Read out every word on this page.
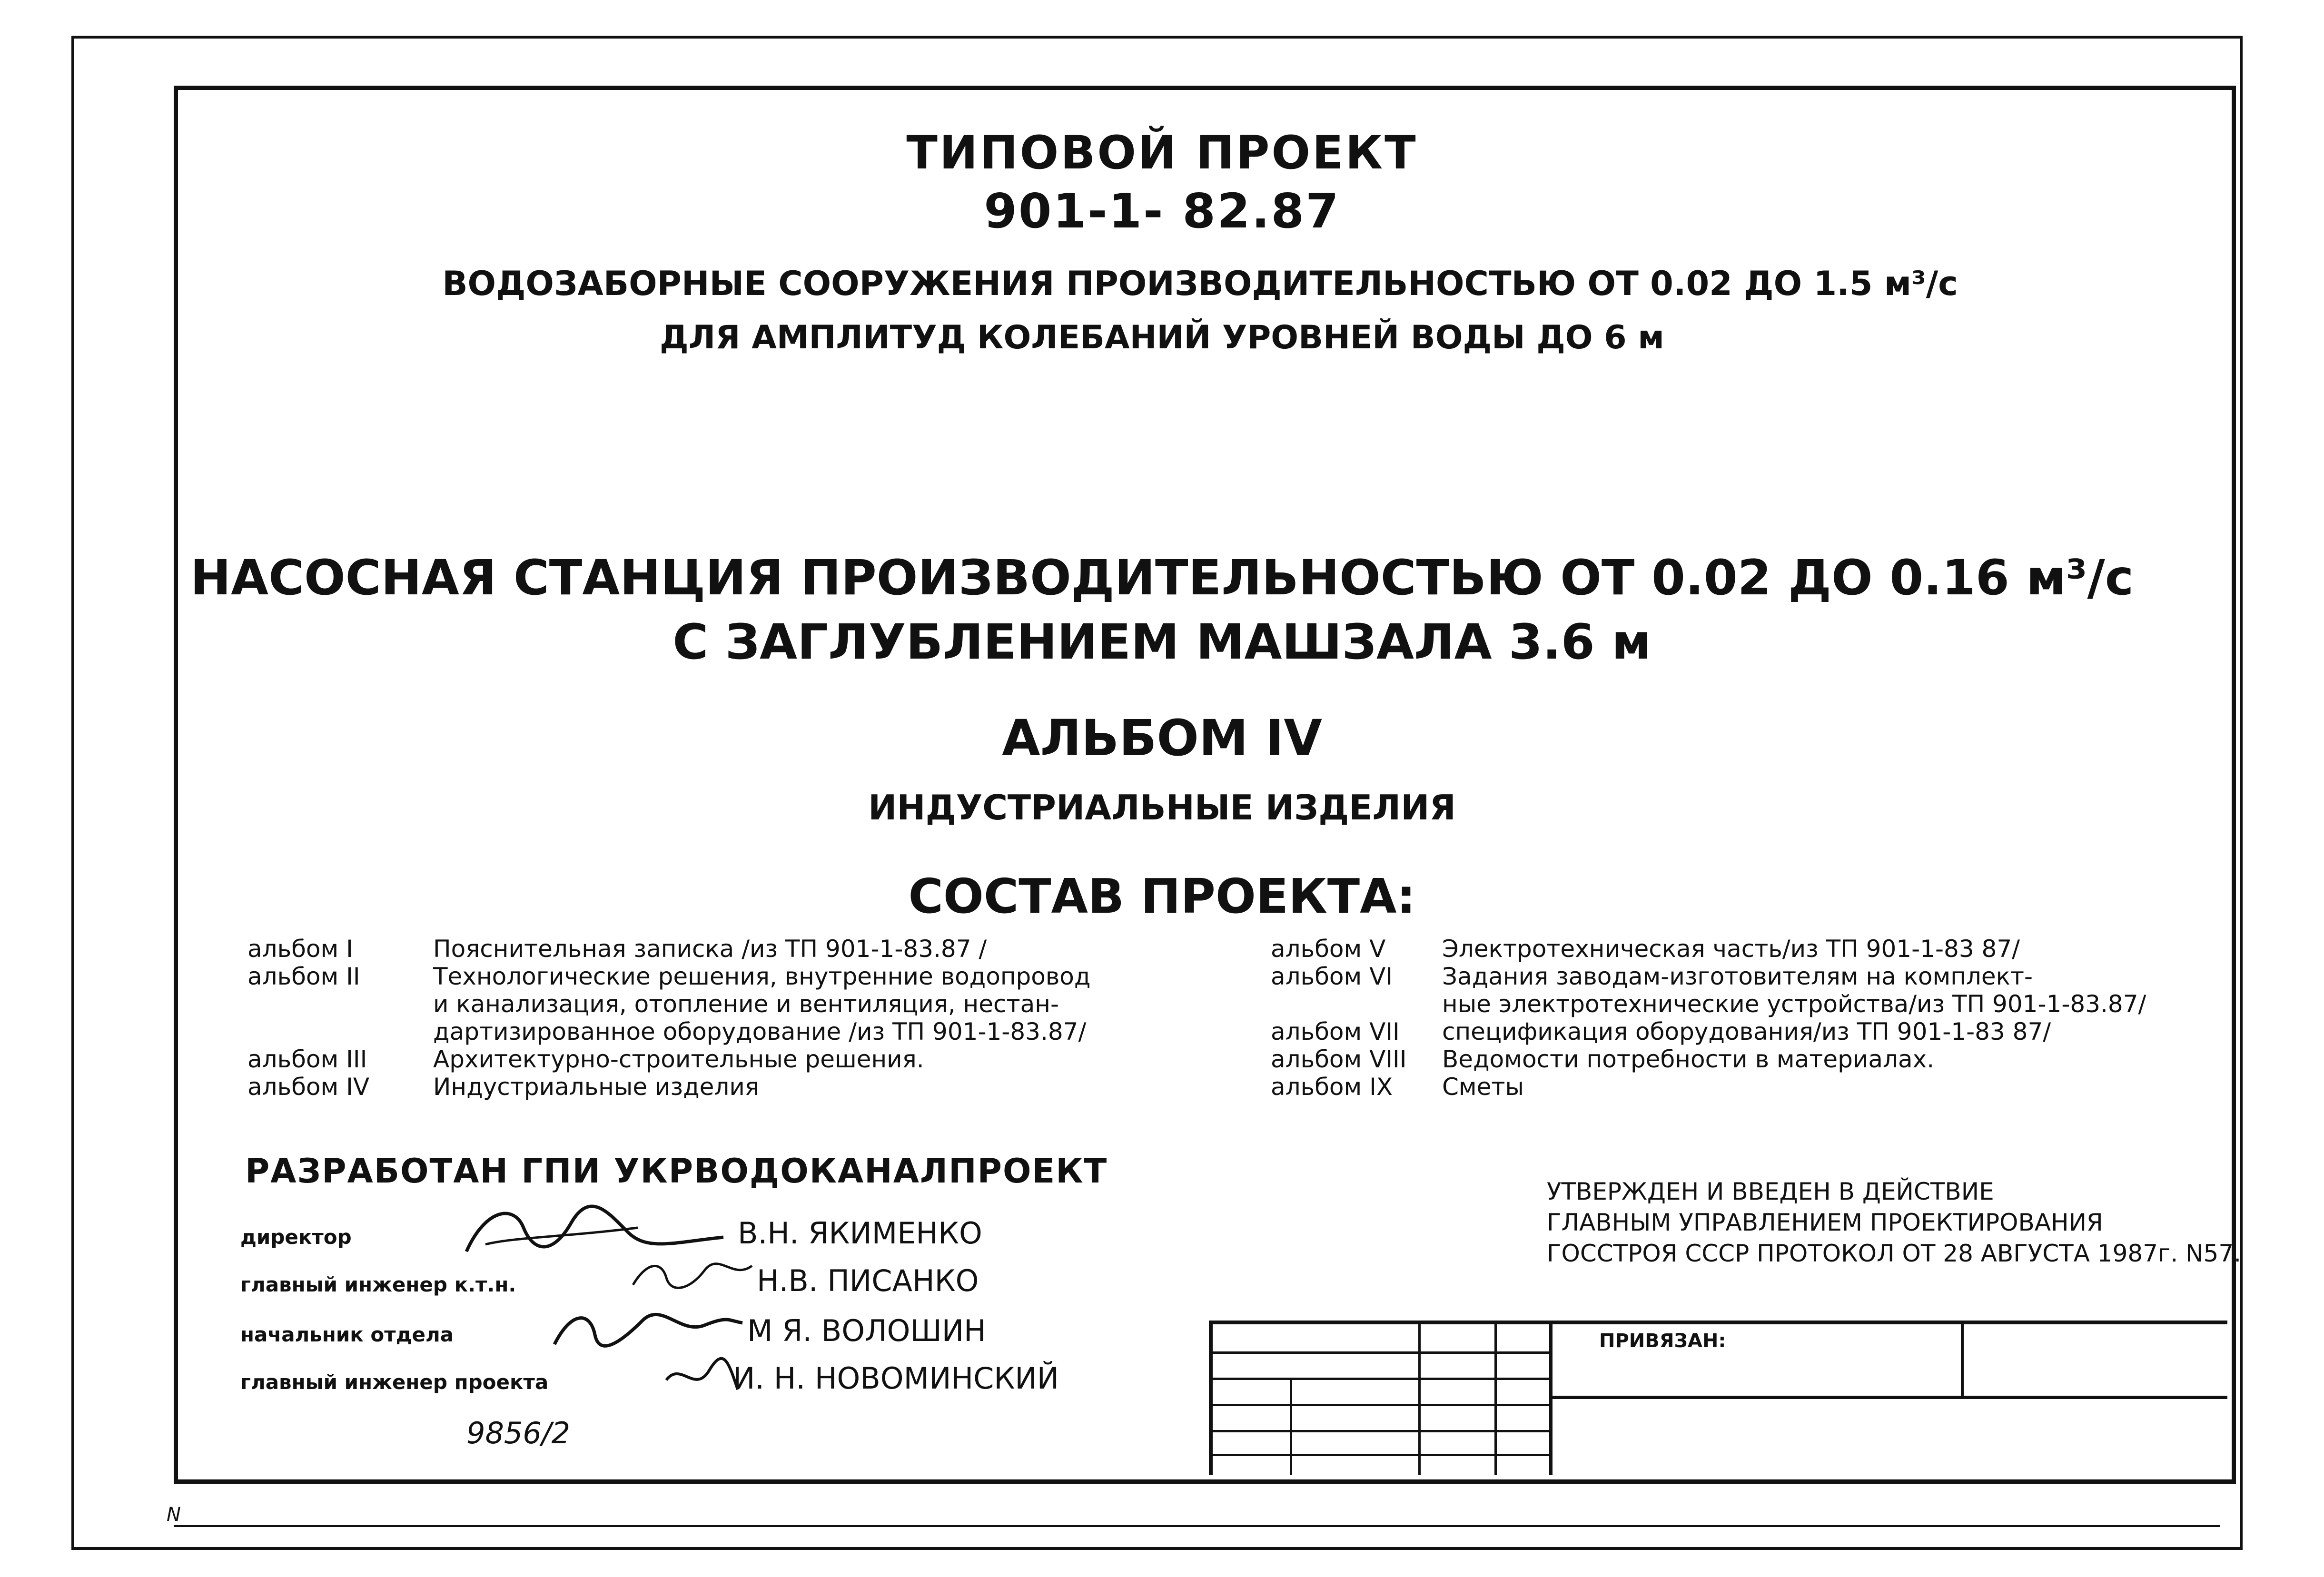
ТИПОВОЙ ПРОЕКТ
901-1- 82.87
ВОДОЗАБОРНЫЕ СООРУЖЕНИЯ ПРОИЗВОДИТЕЛЬНОСТЬЮ ОТ 0.02 ДО 1.5 м³/с
ДЛЯ АМПЛИТУД КОЛЕБАНИЙ УРОВНЕЙ ВОДЫ ДО 6 м
НАСОСНАЯ СТАНЦИЯ ПРОИЗВОДИТЕЛЬНОСТЬЮ ОТ 0.02 ДО 0.16 м³/с
С ЗАГЛУБЛЕНИЕМ МАШЗАЛА 3.6 м
АЛЬБОМ IV
ИНДУСТРИАЛЬНЫЕ ИЗДЕЛИЯ
СОСТАВ ПРОЕКТА:
альбом I	Пояснительная записка /из ТП 901-1-83.87 /
альбом II	Технологические решения, внутренние водопровод
и канализация, отопление и вентиляция, нестан-
дартизированное оборудование /из ТП 901-1-83.87/
альбом III	Архитектурно-строительные решения.
альбом IV	Индустриальные изделия
альбом V Электротехническая часть/из ТП 901-1-83 87/
альбом VI Задания заводам-изготовителям на комплект-
ные электротехнические устройства/из ТП 901-1-83.87/
альбом VII спецификация оборудования/из ТП 901-1-83 87/
альбом VIII Ведомости потребности в материалах.
альбом IX Сметы
РАЗРАБОТАН ГПИ УКРВОДОКАНАЛПРОЕКТ
директор	В.Н. ЯКИМЕНКО
главный инженер к.т.н.	Н.В. ПИСАНКО
начальник отдела	М Я. ВОЛОШИН
главный инженер проекта	И. Н. НОВОМИНСКИЙ
9856/2
УТВЕРЖДЕН И ВВЕДЕН В ДЕЙСТВИЕ
ГЛАВНЫМ УПРАВЛЕНИЕМ ПРОЕКТИРОВАНИЯ
ГОССТРОЯ СССР ПРОТОКОЛ ОТ 28 АВГУСТА 1987г. N57.
ПРИВЯЗАН:
N
